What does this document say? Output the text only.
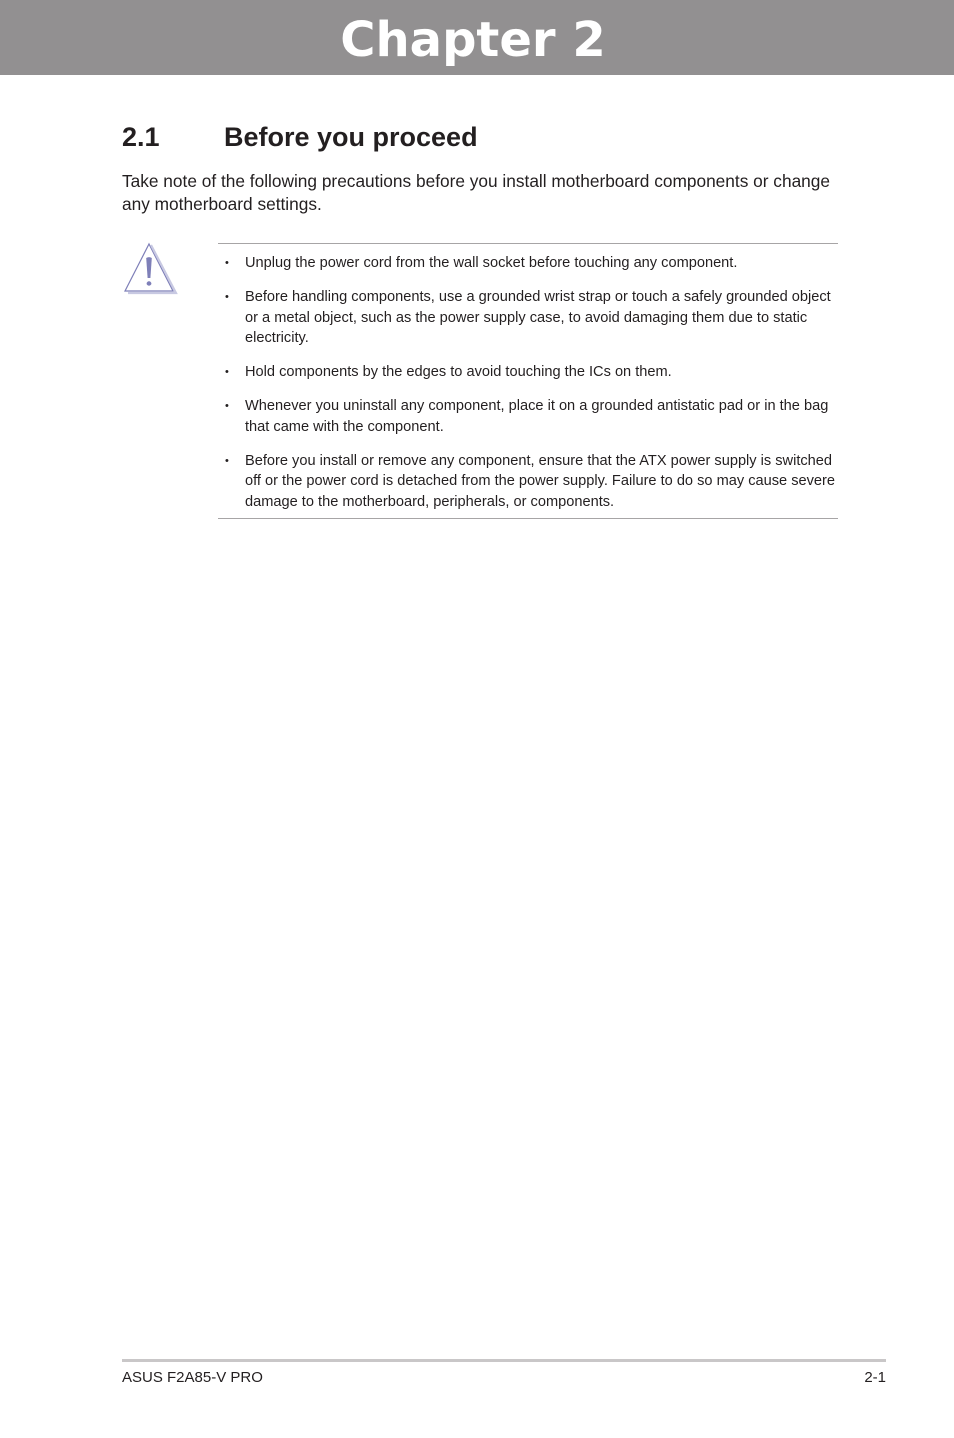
Chapter 2
2.1 Before you proceed

Take note of the following precautions before you install motherboard components or change any motherboard settings.

• Unplug the power cord from the wall socket before touching any component.
• Before handling components, use a grounded wrist strap or touch a safely grounded object or a metal object, such as the power supply case, to avoid damaging them due to static electricity.
• Hold components by the edges to avoid touching the ICs on them.
• Whenever you uninstall any component, place it on a grounded antistatic pad or in the bag that came with the component.
• Before you install or remove any component, ensure that the ATX power supply is switched off or the power cord is detached from the power supply. Failure to do so may cause severe damage to the motherboard, peripherals, or components.
ASUS F2A85-V PRO	2-1
